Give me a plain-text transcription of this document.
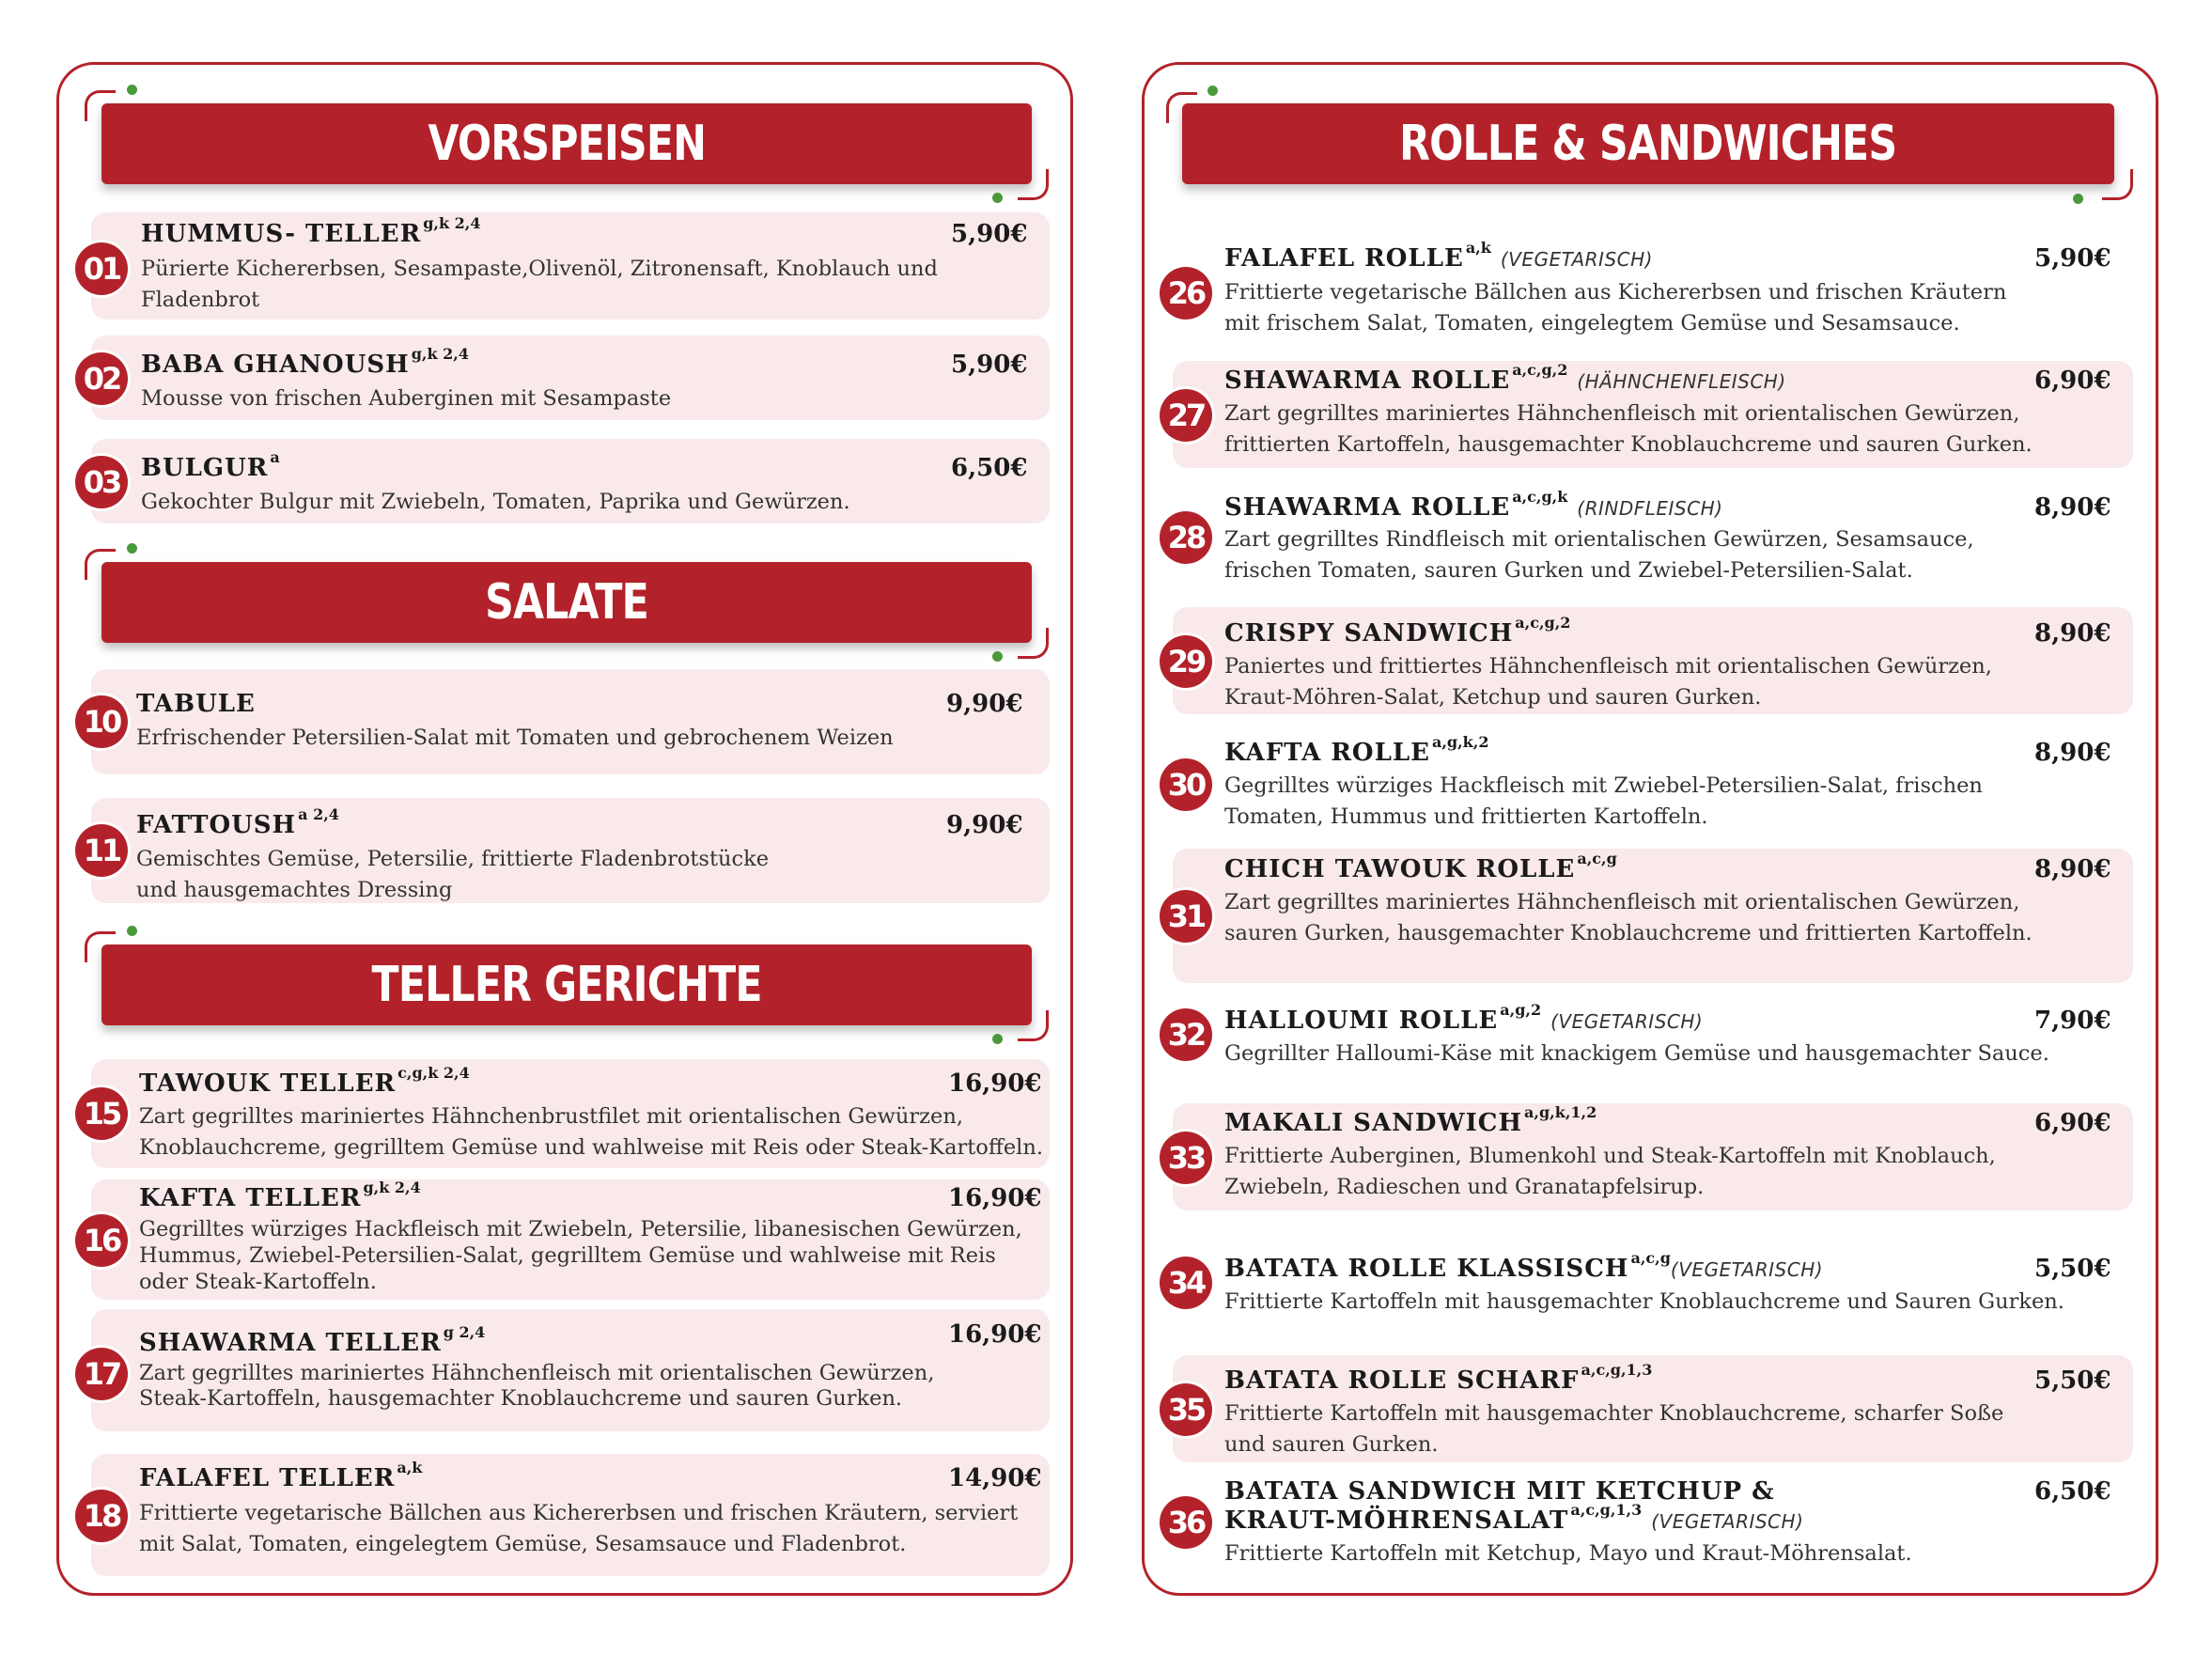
VORSPEISEN
01
HUMMUS- TELLER $^{g,k 2,4}$	5,90€
Pürierte Kichererbsen, Sesampaste,Olivenöl, Zitronensaft, Knoblauch und
Fladenbrot
02 BABA GHANOUSH $^{g,k 2,4}$	5,90€
Mousse von frischen Auberginen mit Sesampaste
03 BULGUR $^a$	6,50€
Gekochter Bulgur mit Zwiebeln, Tomaten, Paprika und Gewürzen.
SALATE
10 TABULE	9,90€
Erfrischender Petersilien-Salat mit Tomaten und gebrochenem Weizen
11
FATTOUSH $^{a 2,4}$	9,90€
Gemischtes Gemüse, Petersilie, frittierte Fladenbrotstücke
und hausgemachtes Dressing
TELLER GERICHTE
15
TAWOUK TELLER $^{c,g,k 2,4}$	16,90€
Zart gegrilltes mariniertes Hähnchenbrustfilet mit orientalischen Gewürzen,
Knoblauchcreme, gegrilltem Gemüse und wahlweise mit Reis oder Steak-Kartoffeln.
16
KAFTA TELLER $^{g,k 2,4}$	16,90€
Gegrilltes würziges Hackfleisch mit Zwiebeln, Petersilie, libanesischen Gewürzen,
Hummus, Zwiebel-Petersilien-Salat, gegrilltem Gemüse und wahlweise mit Reis
oder Steak-Kartoffeln.
17
SHAWARMA TELLER $^{g 2,4}$	16,90€
Zart gegrilltes mariniertes Hähnchenfleisch mit orientalischen Gewürzen,
Steak-Kartoffeln, hausgemachter Knoblauchcreme und sauren Gurken.
18
FALAFEL TELLER $^{a,k}$	14,90€
Frittierte vegetarische Bällchen aus Kichererbsen und frischen Kräutern, serviert
mit Salat, Tomaten, eingelegtem Gemüse, Sesamsauce und Fladenbrot.
ROLLE & SANDWICHES
26
FALAFEL ROLLE $^{a,k}$(VEGETARISCH)	5,90€
Frittierte vegetarische Bällchen aus Kichererbsen und frischen Kräutern
mit frischem Salat, Tomaten, eingelegtem Gemüse und Sesamsauce.
27
SHAWARMA ROLLE $^{a,c,g,2}$(HÄHNCHENFLEISCH)	6,90€
Zart gegrilltes mariniertes Hähnchenfleisch mit orientalischen Gewürzen,
frittierten Kartoffeln, hausgemachter Knoblauchcreme und sauren Gurken.
28
SHAWARMA ROLLE $^{a,c,g,k}$(RINDFLEISCH)	8,90€
Zart gegrilltes Rindfleisch mit orientalischen Gewürzen, Sesamsauce,
frischen Tomaten, sauren Gurken und Zwiebel-Petersilien-Salat.
29
CRISPY SANDWICH $^{a,c,g,2}$	8,90€
Paniertes und frittiertes Hähnchenfleisch mit orientalischen Gewürzen,
Kraut-Möhren-Salat, Ketchup und sauren Gurken.
30
KAFTA ROLLE $^{a,g,k,2}$	8,90€
Gegrilltes würziges Hackfleisch mit Zwiebel-Petersilien-Salat, frischen
Tomaten, Hummus und frittierten Kartoffeln.
31
CHICH TAWOUK ROLLE $^{a,c,g}$	8,90€
Zart gegrilltes mariniertes Hähnchenfleisch mit orientalischen Gewürzen,
sauren Gurken, hausgemachter Knoblauchcreme und frittierten Kartoffeln.
32 HALLOUMI ROLLE $^{a,g,2}$(VEGETARISCH)	7,90€
Gegrillter Halloumi-Käse mit knackigem Gemüse und hausgemachter Sauce.
33
MAKALI SANDWICH $^{a,g,k,1,2}$	6,90€
Frittierte Auberginen, Blumenkohl und Steak-Kartoffeln mit Knoblauch,
Zwiebeln, Radieschen und Granatapfelsirup.
34 BATATA ROLLE KLASSISCH $^{a,c,g}$(VEGETARISCH)	5,50€
Frittierte Kartoffeln mit hausgemachter Knoblauchcreme und Sauren Gurken.
35
BATATA ROLLE SCHARF $^{a,c,g,1,3}$	5,50€
Frittierte Kartoffeln mit hausgemachter Knoblauchcreme, scharfer Soße
und sauren Gurken.
36
BATATA SANDWICH MIT KETCHUP &
KRAUT-MÖHRENSALAT $^{a,c,g,1,3}$(VEGETARISCH)
6,50€
Frittierte Kartoffeln mit Ketchup, Mayo und Kraut-Möhrensalat.
